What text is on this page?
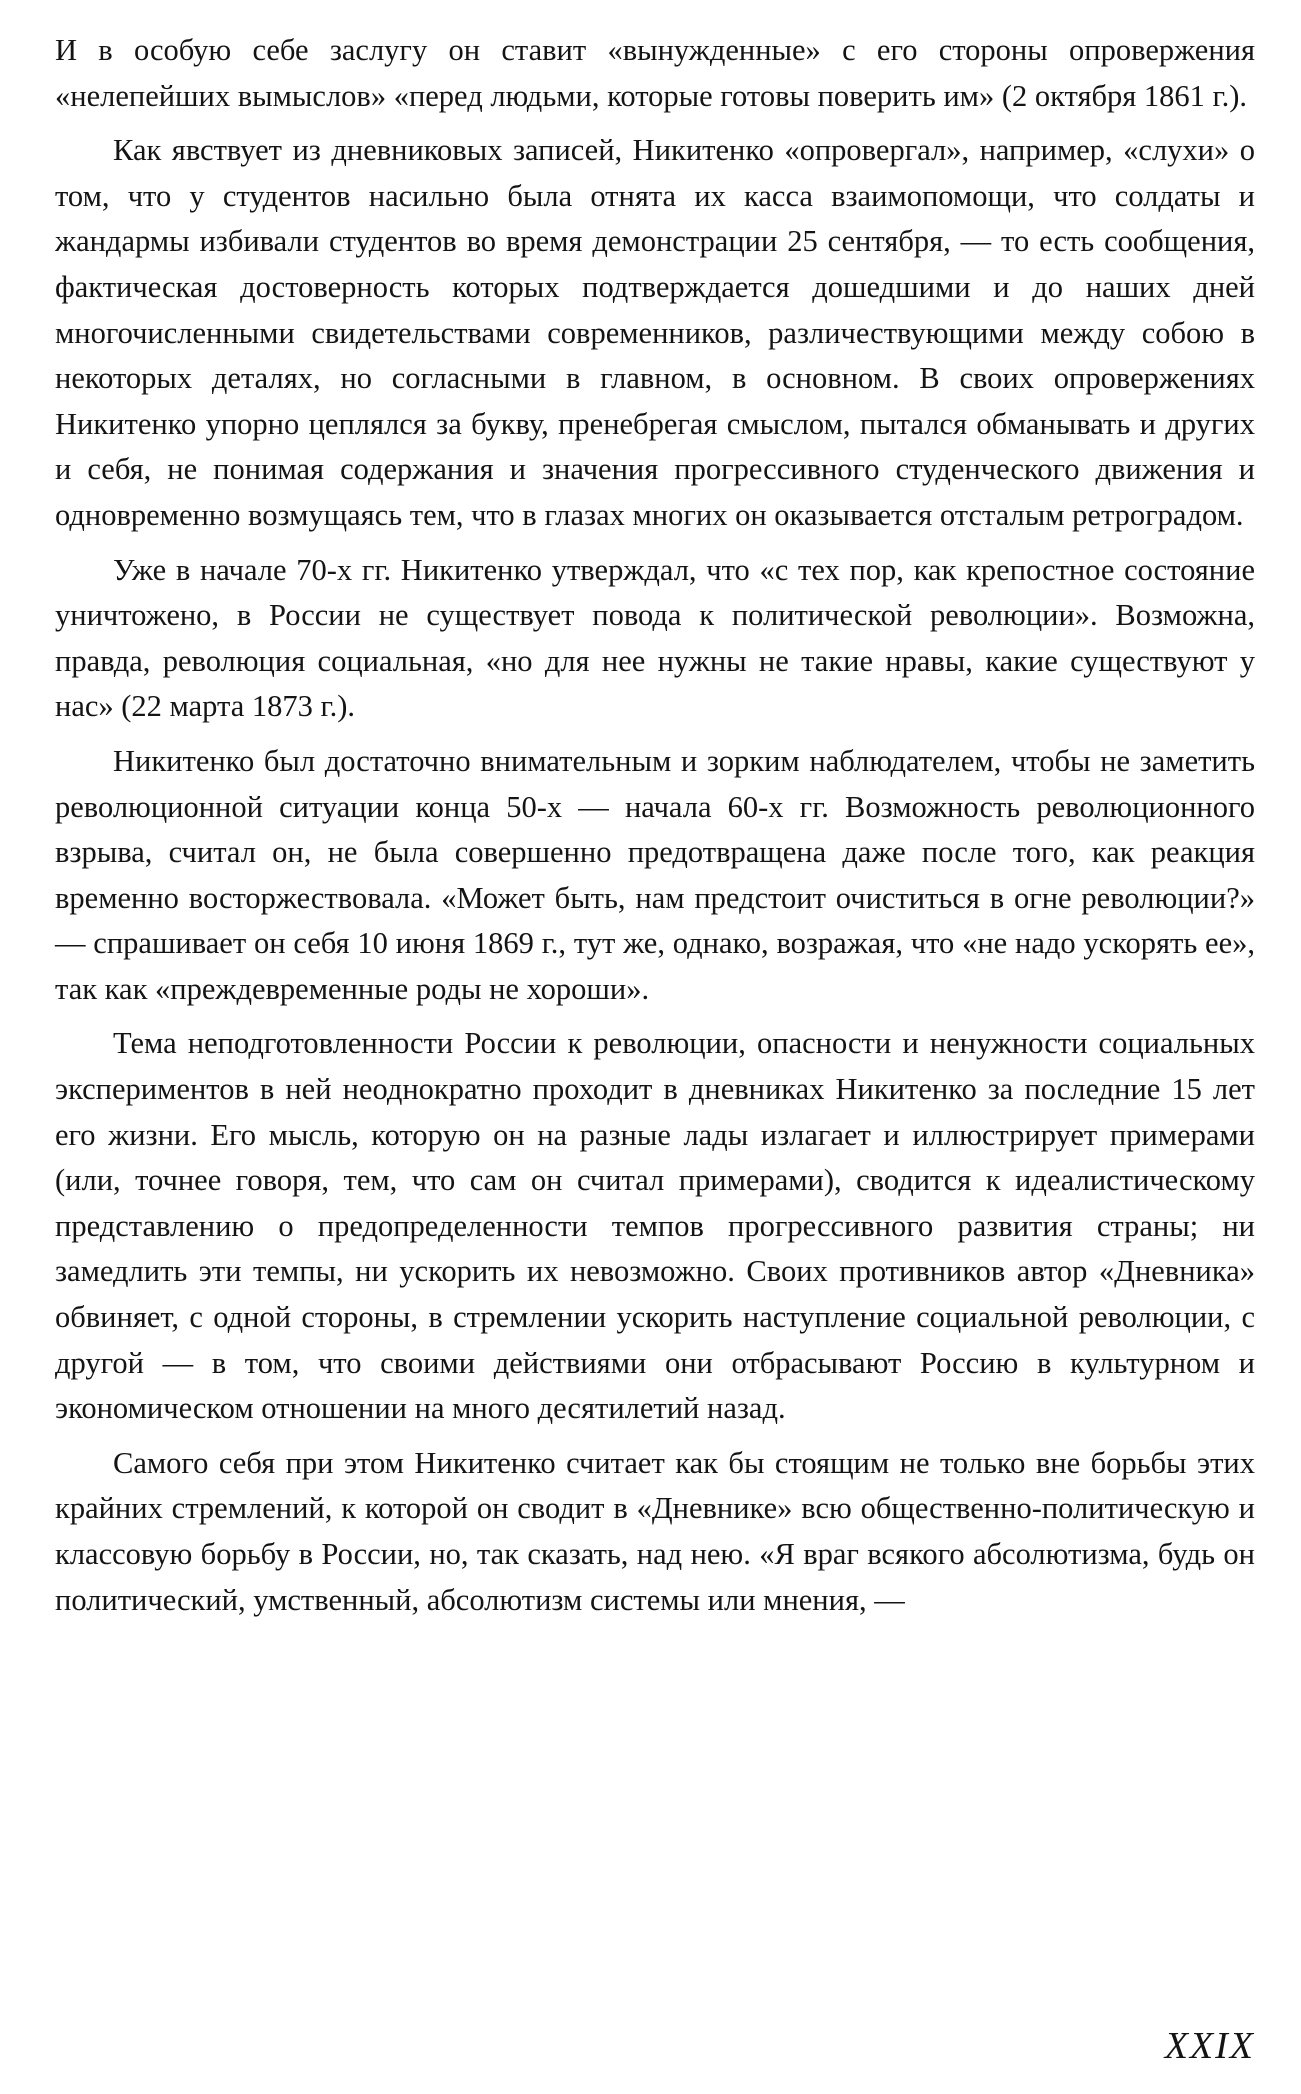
И в особую себе заслугу он ставит «вынужденные» с его стороны опровержения «нелепейших вымыслов» «перед людьми, которые готовы поверить им» (2 октября 1861 г.).

Как явствует из дневниковых записей, Никитенко «опровергал», например, «слухи» о том, что у студентов насильно была отнята их касса взаимопомощи, что солдаты и жандармы избивали студентов во время демонстрации 25 сентября, — то есть сообщения, фактическая достоверность которых подтверждается дошедшими и до наших дней многочисленными свидетельствами современников, различествующими между собою в некоторых деталях, но согласными в главном, в основном. В своих опровержениях Никитенко упорно цеплялся за букву, пренебрегая смыслом, пытался обманывать и других и себя, не понимая содержания и значения прогрессивного студенческого движения и одновременно возмущаясь тем, что в глазах многих он оказывается отсталым ретроградом.

Уже в начале 70-х гг. Никитенко утверждал, что «с тех пор, как крепостное состояние уничтожено, в России не существует повода к политической революции». Возможна, правда, революция социальная, «но для нее нужны не такие нравы, какие существуют у нас» (22 марта 1873 г.).

Никитенко был достаточно внимательным и зорким наблюдателем, чтобы не заметить революционной ситуации конца 50-х — начала 60-х гг. Возможность революционного взрыва, считал он, не была совершенно предотвращена даже после того, как реакция временно восторжествовала. «Может быть, нам предстоит очиститься в огне революции?» — спрашивает он себя 10 июня 1869 г., тут же, однако, возражая, что «не надо ускорять ее», так как «преждевременные роды не хороши».

Тема неподготовленности России к революции, опасности и ненужности социальных экспериментов в ней неоднократно проходит в дневниках Никитенко за последние 15 лет его жизни. Его мысль, которую он на разные лады излагает и иллюстрирует примерами (или, точнее говоря, тем, что сам он считал примерами), сводится к идеалистическому представлению о предопределенности темпов прогрессивного развития страны; ни замедлить эти темпы, ни ускорить их невозможно. Своих противников автор «Дневника» обвиняет, с одной стороны, в стремлении ускорить наступление социальной революции, с другой — в том, что своими действиями они отбрасывают Россию в культурном и экономическом отношении на много десятилетий назад.

Самого себя при этом Никитенко считает как бы стоящим не только вне борьбы этих крайних стремлений, к которой он сводит в «Дневнике» всю общественно-политическую и классовую борьбу в России, но, так сказать, над нею. «Я враг всякого абсолютизма, будь он политический, умственный, абсолютизм системы или мнения, —

XXIX
